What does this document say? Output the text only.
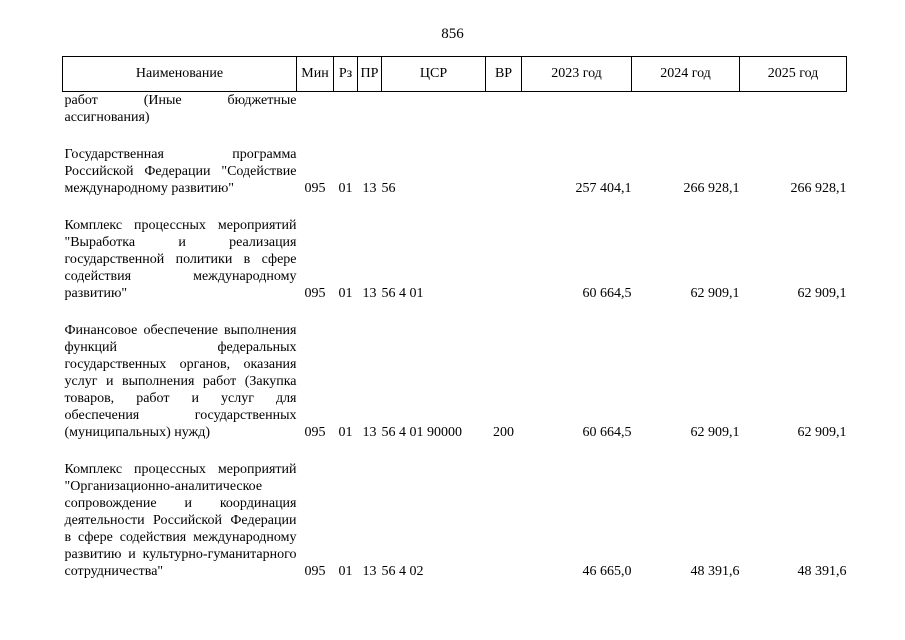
856
Наименование	Мин	Рз	ПР	ЦСР	ВР	2023 год	2024 год	2025 год

работ (Иные бюджетные ассигнования)								

Государственная программа Российской Федерации "Содействие международному развитию"	095	01	13	56		257 404,1	266 928,1	266 928,1

Комплекс процессных мероприятий "Выработка и реализация государственной политики в сфере содействия международному развитию"	095	01	13	56 4 01		60 664,5	62 909,1	62 909,1

Финансовое обеспечение выполнения функций федеральных государственных органов, оказания услуг и выполнения работ (Закупка товаров, работ и услуг для обеспечения государственных (муниципальных) нужд)	095	01	13	56 4 01 90000	200	60 664,5	62 909,1	62 909,1

Комплекс процессных мероприятий "Организационно-аналитическое сопровождение и координация деятельности Российской Федерации в сфере содействия международному развитию и культурно-гуманитарного сотрудничества"	095	01	13	56 4 02		46 665,0	48 391,6	48 391,6
